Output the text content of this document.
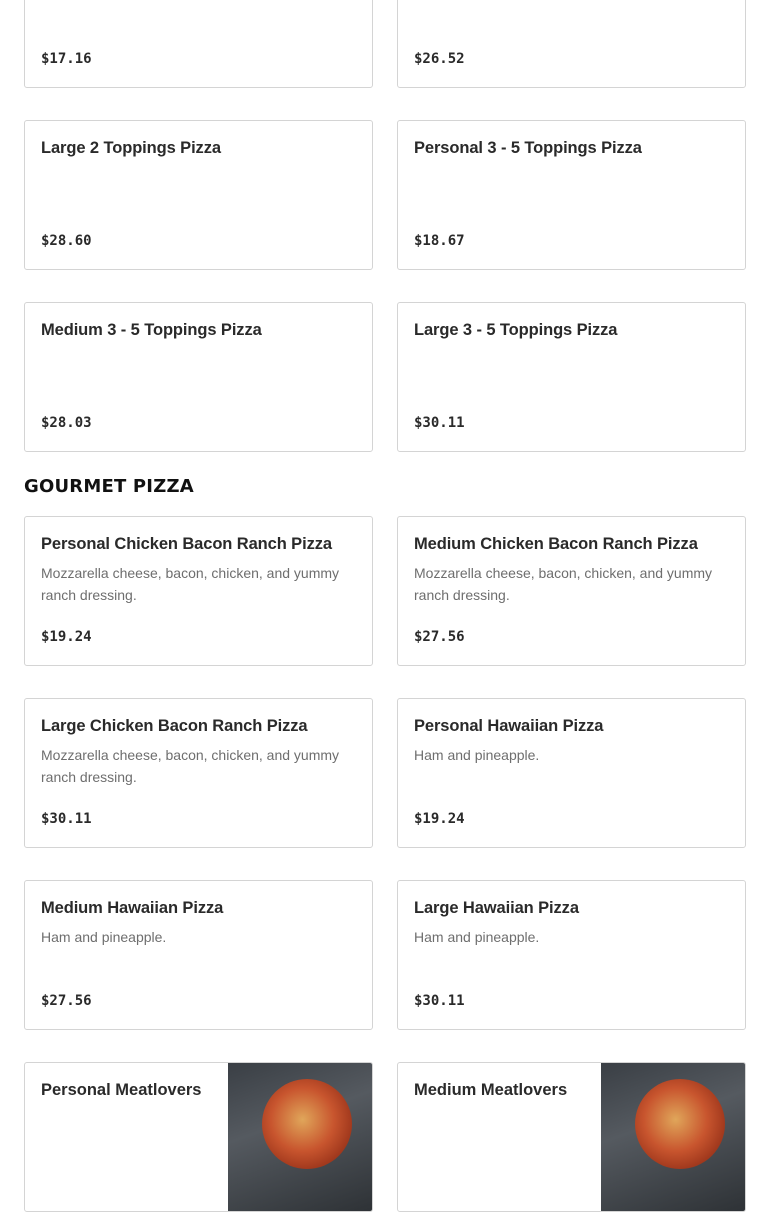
$17.16	$26.52
Large 2 Toppings Pizza
$28.60
Personal 3 - 5 Toppings Pizza
$18.67
Medium 3 - 5 Toppings Pizza
$28.03
Large 3 - 5 Toppings Pizza
$30.11
GOURMET PIZZA
Personal Chicken Bacon Ranch Pizza
Mozzarella cheese, bacon, chicken, and yummy ranch dressing.
$19.24
Medium Chicken Bacon Ranch Pizza
Mozzarella cheese, bacon, chicken, and yummy ranch dressing.
$27.56
Large Chicken Bacon Ranch Pizza
Mozzarella cheese, bacon, chicken, and yummy ranch dressing.
$30.11
Personal Hawaiian Pizza
Ham and pineapple.
$19.24
Medium Hawaiian Pizza
Ham and pineapple.
$27.56
Large Hawaiian Pizza
Ham and pineapple.
$30.11
Personal Meatlovers	Medium Meatlovers
